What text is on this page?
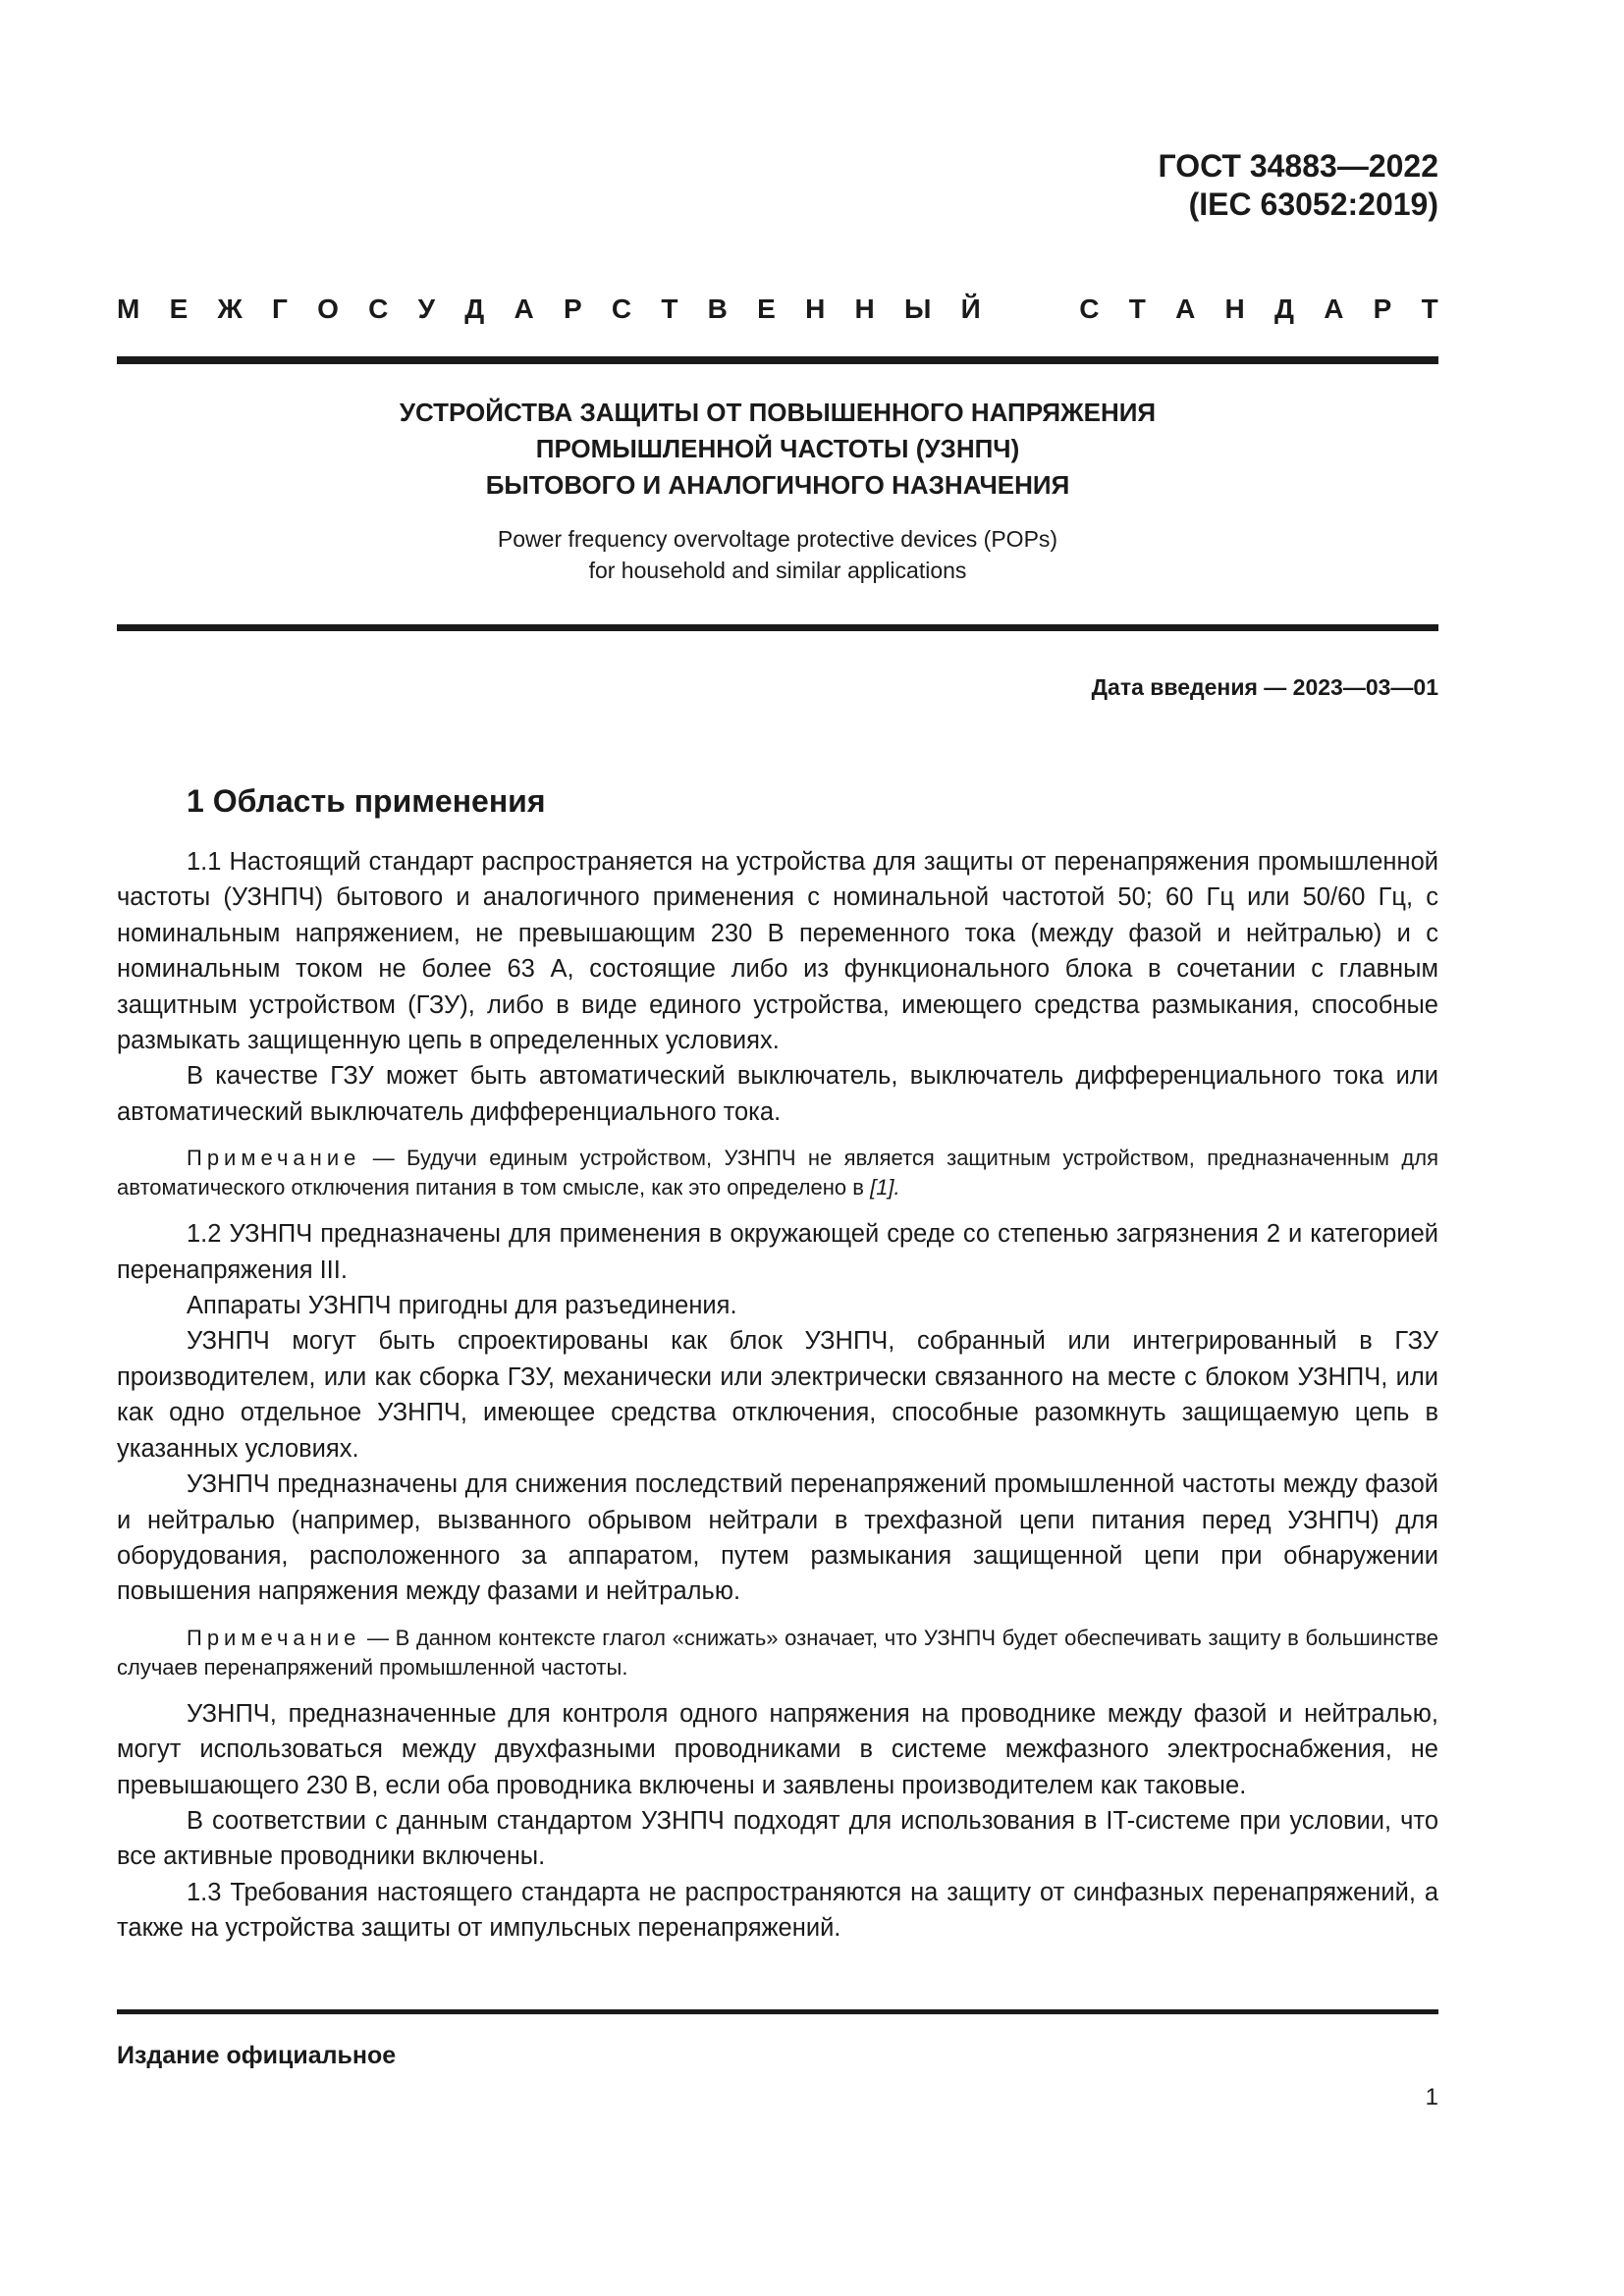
ГОСТ 34883—2022
(IEC 63052:2019)
М Е Ж Г О С У Д А Р С Т В Е Н Н Ы Й	С Т А Н Д А Р Т
УСТРОЙСТВА ЗАЩИТЫ ОТ ПОВЫШЕННОГО НАПРЯЖЕНИЯ
ПРОМЫШЛЕННОЙ ЧАСТОТЫ (УЗНПЧ)
БЫТОВОГО И АНАЛОГИЧНОГО НАЗНАЧЕНИЯ
Power frequency overvoltage protective devices (POPs)
for household and similar applications
Дата введения — 2023—03—01
1 Область применения

1.1 Настоящий стандарт распространяется на устройства для защиты от перенапряжения промышленной частоты (УЗНПЧ) бытового и аналогичного применения с номинальной частотой 50; 60 Гц или 50/60 Гц, с номинальным напряжением, не превышающим 230 В переменного тока (между фазой и нейтралью) и с номинальным током не более 63 А, состоящие либо из функционального блока в сочетании с главным защитным устройством (ГЗУ), либо в виде единого устройства, имеющего средства размыкания, способные размыкать защищенную цепь в определенных условиях.

В качестве ГЗУ может быть автоматический выключатель, выключатель дифференциального тока или автоматический выключатель дифференциального тока.

Примечание — Будучи единым устройством, УЗНПЧ не является защитным устройством, предназначенным для автоматического отключения питания в том смысле, как это определено в [1].

1.2 УЗНПЧ предназначены для применения в окружающей среде со степенью загрязнения 2 и категорией перенапряжения III.

Аппараты УЗНПЧ пригодны для разъединения.

УЗНПЧ могут быть спроектированы как блок УЗНПЧ, собранный или интегрированный в ГЗУ производителем, или как сборка ГЗУ, механически или электрически связанного на месте с блоком УЗНПЧ, или как одно отдельное УЗНПЧ, имеющее средства отключения, способные разомкнуть защищаемую цепь в указанных условиях.

УЗНПЧ предназначены для снижения последствий перенапряжений промышленной частоты между фазой и нейтралью (например, вызванного обрывом нейтрали в трехфазной цепи питания перед УЗНПЧ) для оборудования, расположенного за аппаратом, путем размыкания защищенной цепи при обнаружении повышения напряжения между фазами и нейтралью.

Примечание — В данном контексте глагол «снижать» означает, что УЗНПЧ будет обеспечивать защиту в большинстве случаев перенапряжений промышленной частоты.

УЗНПЧ, предназначенные для контроля одного напряжения на проводнике между фазой и нейтралью, могут использоваться между двухфазными проводниками в системе межфазного электроснабжения, не превышающего 230 В, если оба проводника включены и заявлены производителем как таковые.

В соответствии с данным стандартом УЗНПЧ подходят для использования в IT-системе при условии, что все активные проводники включены.

1.3 Требования настоящего стандарта не распространяются на защиту от синфазных перенапряжений, а также на устройства защиты от импульсных перенапряжений.

Издание официальное
1
